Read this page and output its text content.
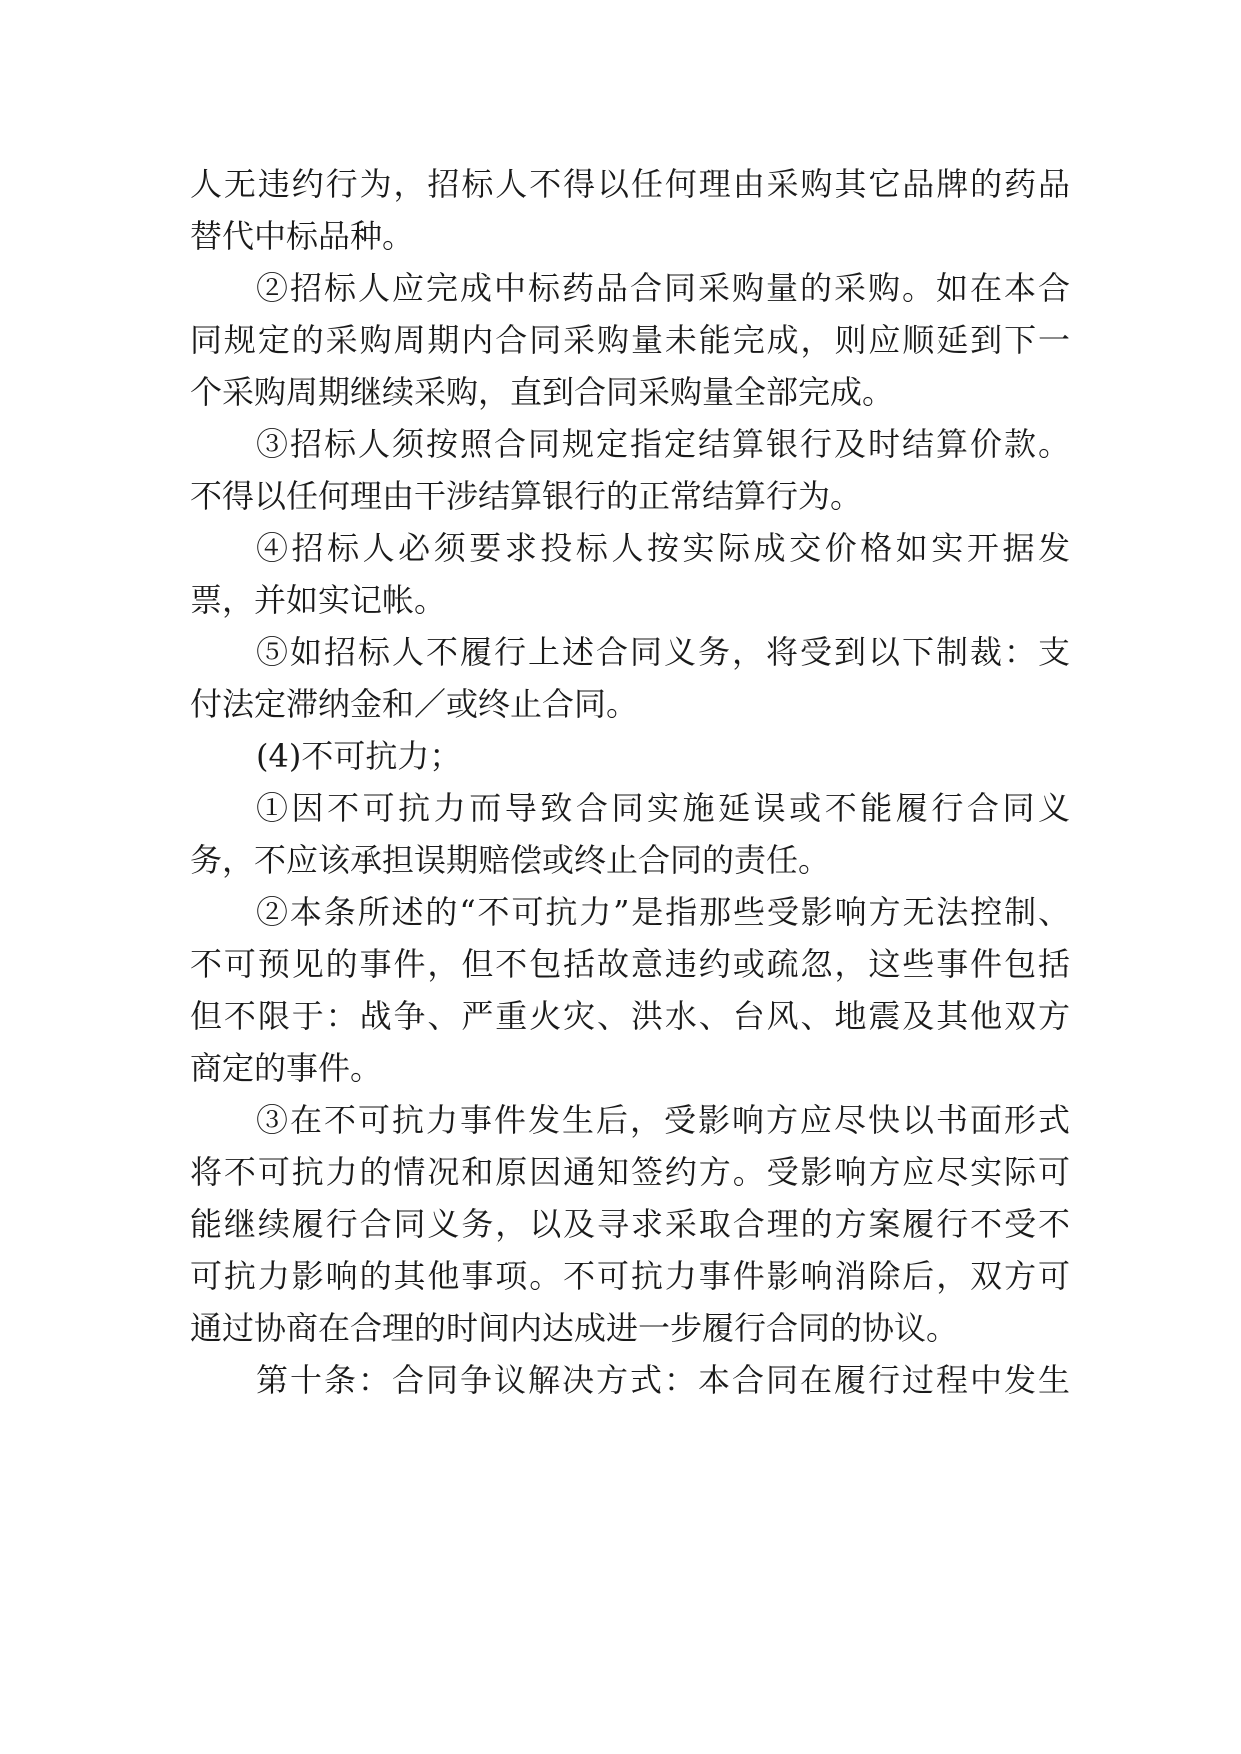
人无违约行为，招标人不得以任何理由采购其它品牌的药品
替代中标品种。
②招标人应完成中标药品合同采购量的采购。如在本合
同规定的采购周期内合同采购量未能完成，则应顺延到下一
个采购周期继续采购，直到合同采购量全部完成。
③招标人须按照合同规定指定结算银行及时结算价款。
不得以任何理由干涉结算银行的正常结算行为。
④招标人必须要求投标人按实际成交价格如实开据发
票，并如实记帐。
⑤如招标人不履行上述合同义务，将受到以下制裁：支
付法定滞纳金和／或终止合同。
(4)不可抗力；
①因不可抗力而导致合同实施延误或不能履行合同义
务，不应该承担误期赔偿或终止合同的责任。
②本条所述的“不可抗力”是指那些受影响方无法控制、
不可预见的事件，但不包括故意违约或疏忽，这些事件包括
但不限于：战争、严重火灾、洪水、台风、地震及其他双方
商定的事件。
③在不可抗力事件发生后，受影响方应尽快以书面形式
将不可抗力的情况和原因通知签约方。受影响方应尽实际可
能继续履行合同义务，以及寻求采取合理的方案履行不受不
可抗力影响的其他事项。不可抗力事件影响消除后，双方可
通过协商在合理的时间内达成进一步履行合同的协议。
第十条：合同争议解决方式：本合同在履行过程中发生
